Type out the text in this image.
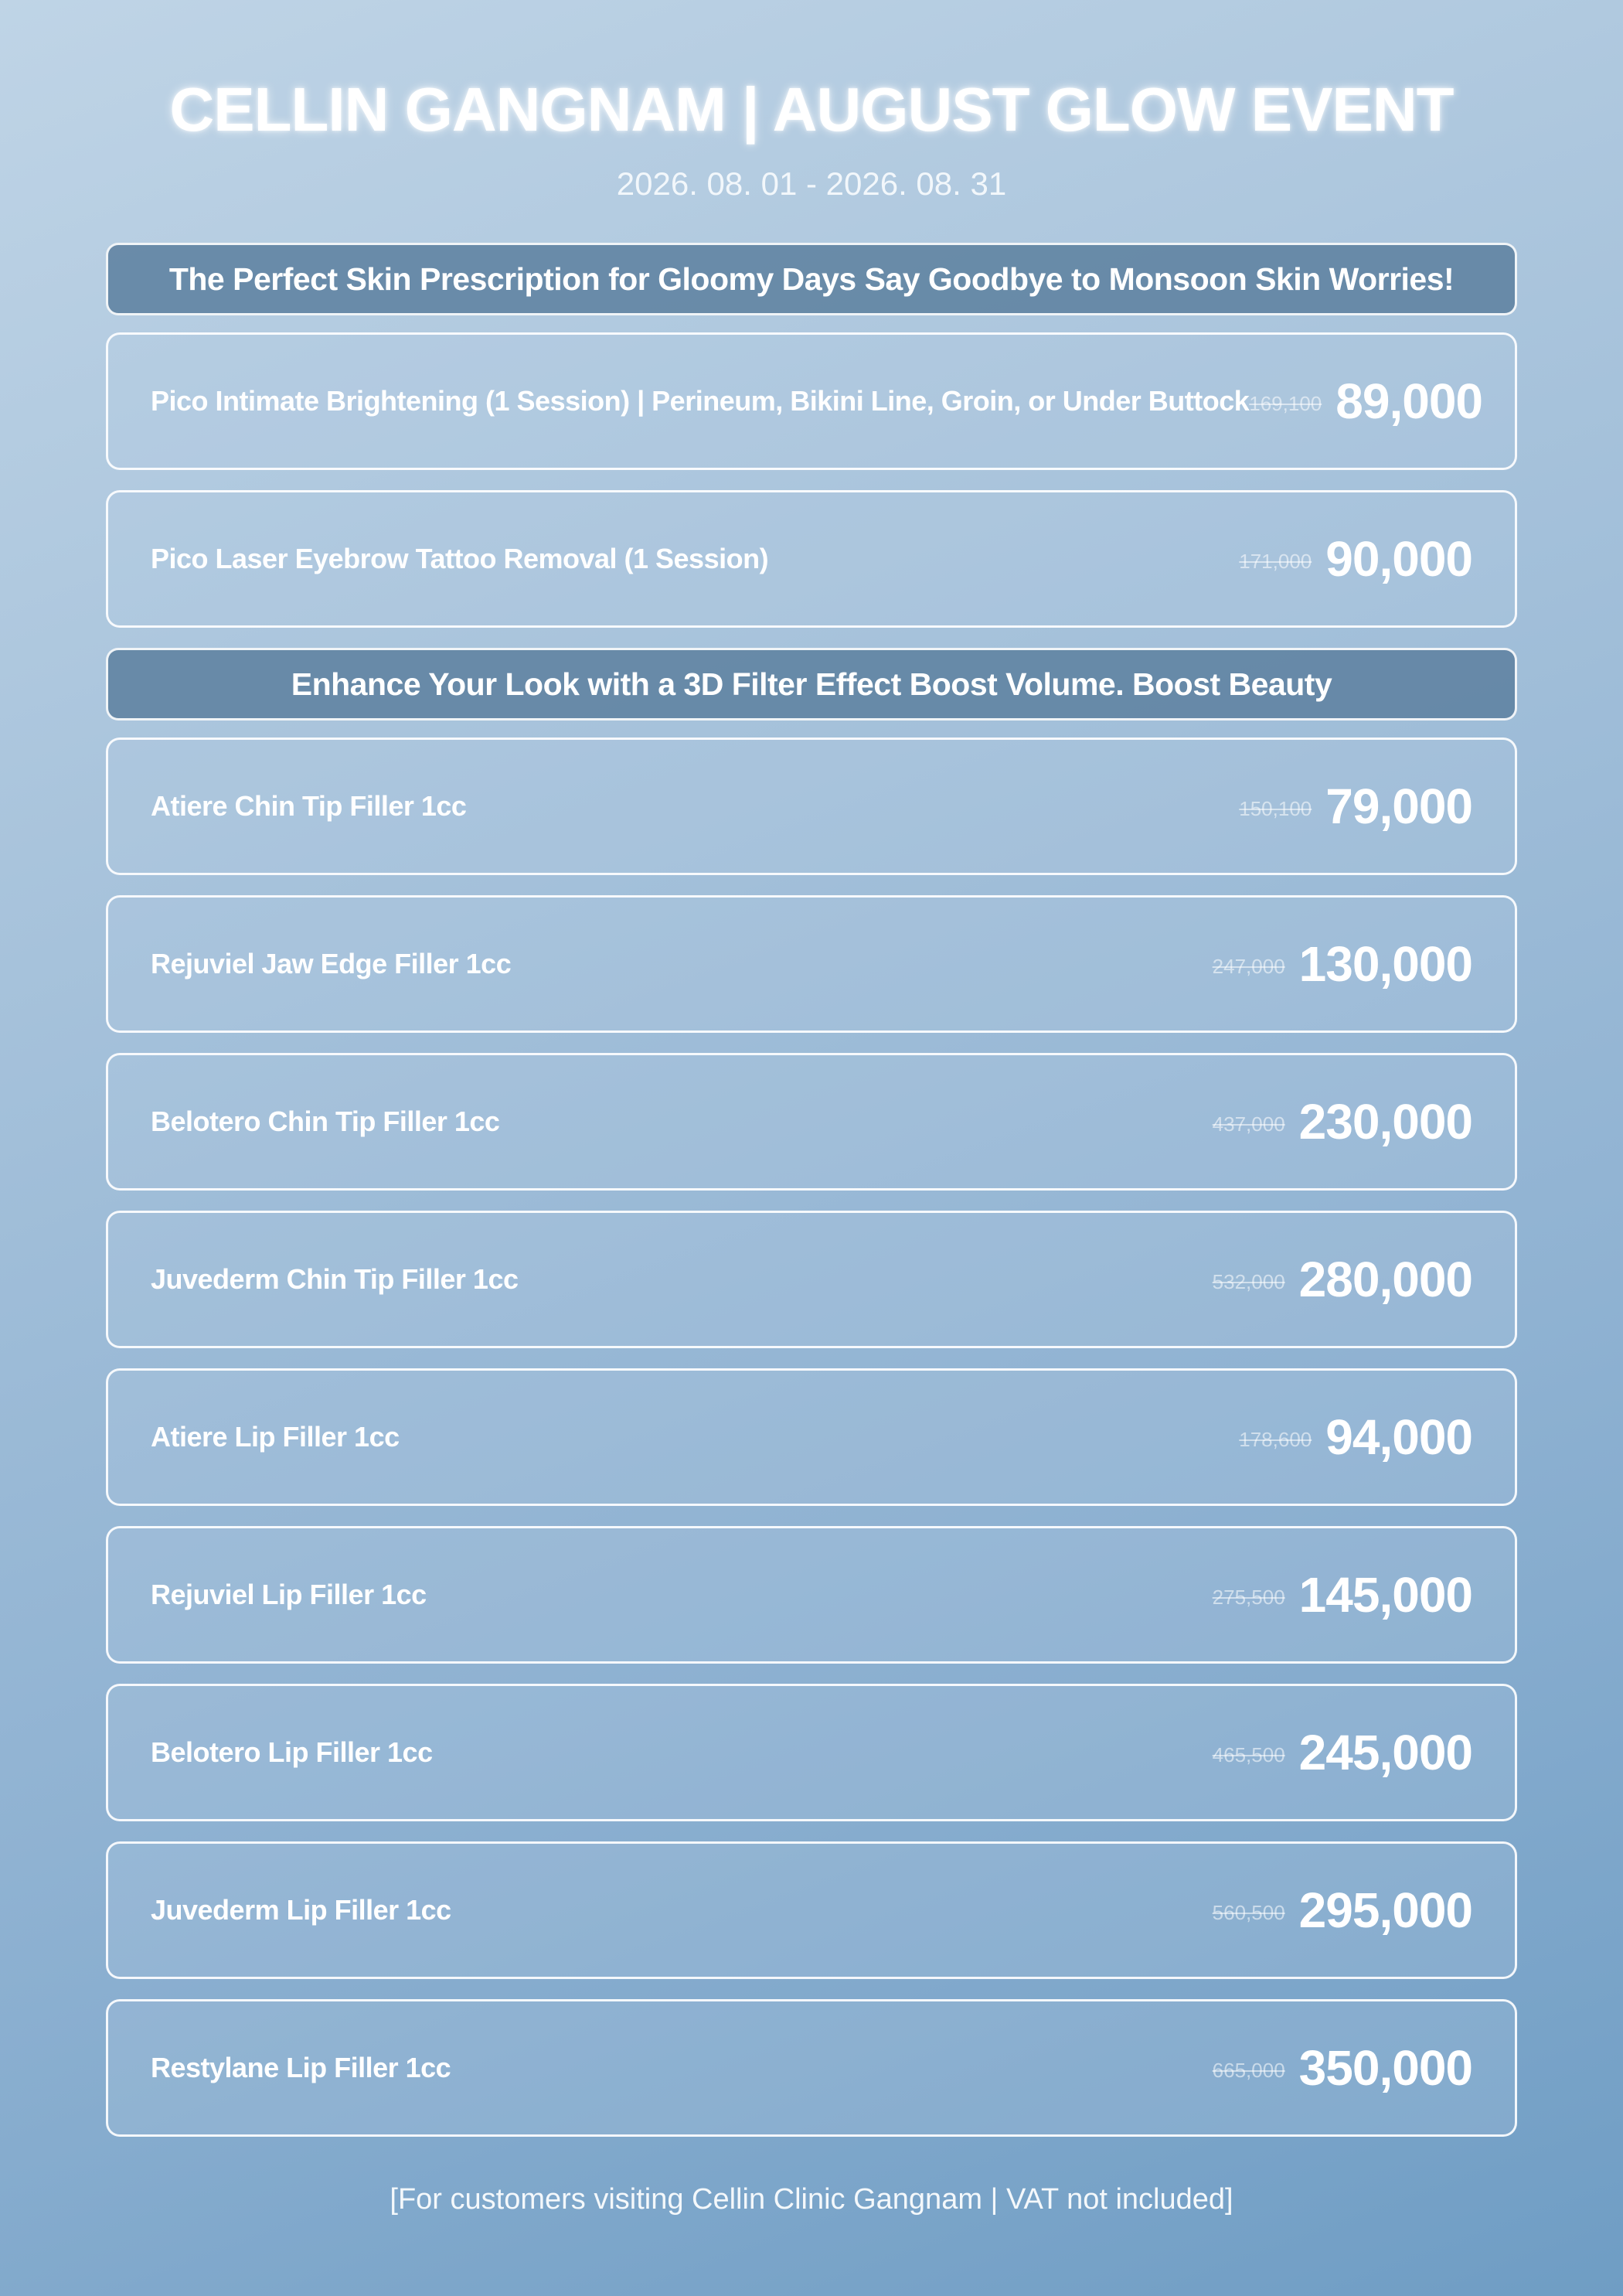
CELLIN GANGNAM | AUGUST GLOW EVENT
2026. 08. 01 - 2026. 08. 31
The Perfect Skin Prescription for Gloomy Days Say Goodbye to Monsoon Skin Worries!
Pico Intimate Brightening (1 Session) | Perineum, Bikini Line, Groin, or Under Buttock 169,100 89,000
Pico Laser Eyebrow Tattoo Removal (1 Session)	171,000 90,000
Enhance Your Look with a 3D Filter Effect Boost Volume. Boost Beauty
Atiere Chin Tip Filler 1cc	150,100 79,000
Rejuviel Jaw Edge Filler 1cc	247,000 130,000
Belotero Chin Tip Filler 1cc	437,000 230,000
Juvederm Chin Tip Filler 1cc	532,000 280,000
Atiere Lip Filler 1cc	178,600 94,000
Rejuviel Lip Filler 1cc	275,500 145,000
Belotero Lip Filler 1cc	465,500 245,000
Juvederm Lip Filler 1cc	560,500 295,000
Restylane Lip Filler 1cc	665,000 350,000
[For customers visiting Cellin Clinic Gangnam | VAT not included]
